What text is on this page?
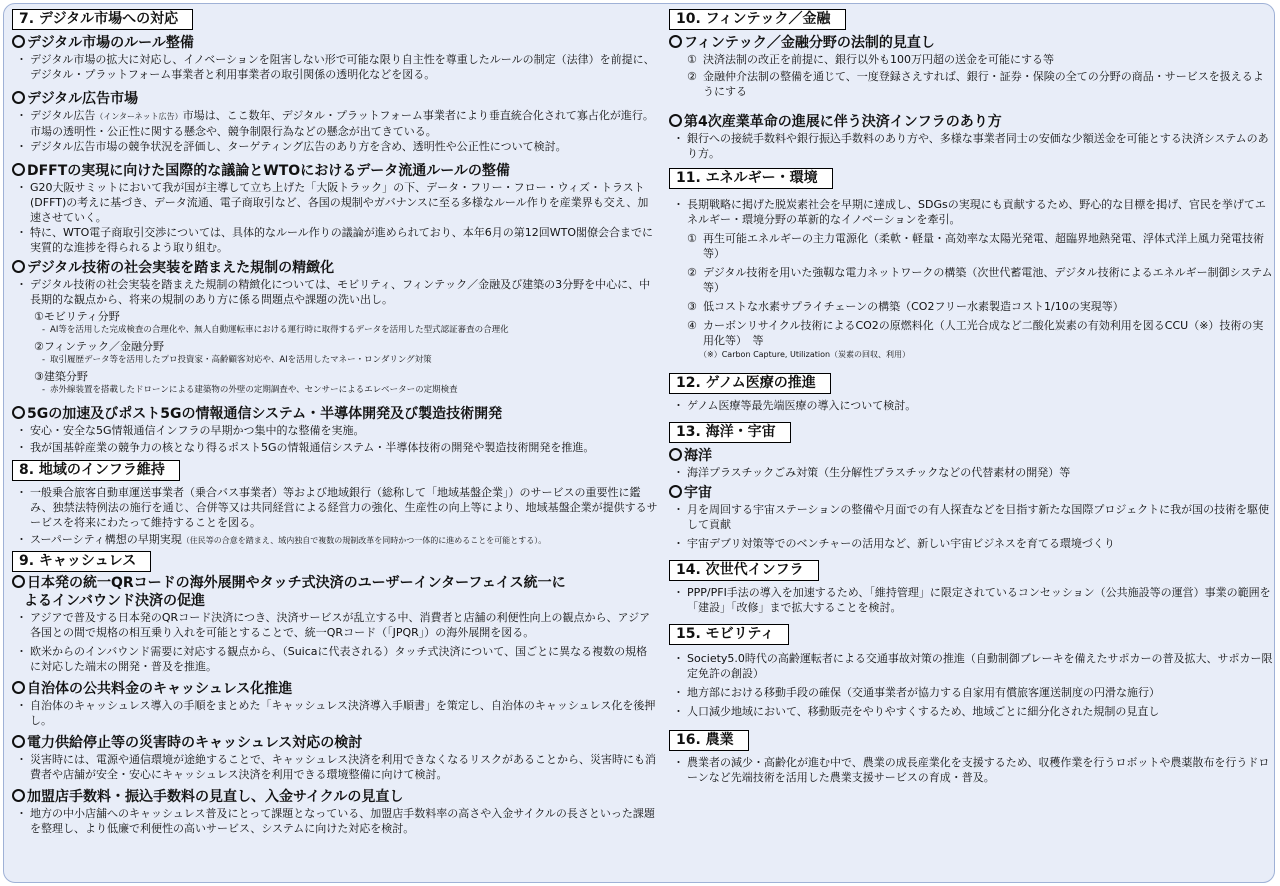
7. デジタル市場への対応
デジタル市場のルール整備
・ デジタル市場の拡大に対応し、イノベーションを阻害しない形で可能な限り自主性を尊重したルールの制定（法律）を前提に、デジタル・プラットフォーム事業者と利用事業者の取引関係の透明化などを図る。
デジタル広告市場
・ デジタル広告（インターネット広告）市場は、ここ数年、デジタル・プラットフォーム事業者により垂直統合化されて寡占化が進行。市場の透明性・公正性に関する懸念や、競争制限行為などの懸念が出てきている。
・ デジタル広告市場の競争状況を評価し、ターゲティング広告のあり方を含め、透明性や公正性について検討。
DFFTの実現に向けた国際的な議論とWTOにおけるデータ流通ルールの整備
・ G20大阪サミットにおいて我が国が主導して立ち上げた「大阪トラック」の下、データ・フリー・フロー・ウィズ・トラスト(DFFT)の考えに基づき、データ流通、電子商取引など、各国の規制やガバナンスに至る多様なルール作りを産業界も交え、加速させていく。
・ 特に、WTO電子商取引交渉については、具体的なルール作りの議論が進められており、本年6月の第12回WTO閣僚会合までに実質的な進捗を得られるよう取り組む。
デジタル技術の社会実装を踏まえた規制の精緻化
・ デジタル技術の社会実装を踏まえた規制の精緻化については、モビリティ、フィンテック／金融及び建築の3分野を中心に、中長期的な観点から、将来の規制のあり方に係る問題点や課題の洗い出し。
①モビリティ分野
- AI等を活用した完成検査の合理化や、無人自動運転車における運行時に取得するデータを活用した型式認証審査の合理化
②フィンテック／金融分野
- 取引履歴データ等を活用したプロ投資家・高齢顧客対応や、AIを活用したマネー・ロンダリング対策
③建築分野
- 赤外線装置を搭載したドローンによる建築物の外壁の定期調査や、センサーによるエレベーターの定期検査
5Gの加速及びポスト5Gの情報通信システム・半導体開発及び製造技術開発
・ 安心・安全な5G情報通信インフラの早期かつ集中的な整備を実施。
・ 我が国基幹産業の競争力の核となり得るポスト5Gの情報通信システム・半導体技術の開発や製造技術開発を推進。
8. 地域のインフラ維持
・ 一般乗合旅客自動車運送事業者（乗合バス事業者）等および地域銀行（総称して「地域基盤企業」）のサービスの重要性に鑑み、独禁法特例法の施行を通じ、合併等又は共同経営による経営力の強化、生産性の向上等により、地域基盤企業が提供するサービスを将来にわたって維持することを図る。
・ スーパーシティ構想の早期実現（住民等の合意を踏まえ、域内独自で複数の規制改革を同時かつ一体的に進めることを可能とする）。
9. キャッシュレス
日本発の統一QRコードの海外展開やタッチ式決済のユーザーインターフェイス統一に
よるインバウンド決済の促進
・ アジアで普及する日本発のQRコード決済につき、決済サービスが乱立する中、消費者と店舗の利便性向上の観点から、アジア各国との間で規格の相互乗り入れを可能とすることで、統一QRコード（「JPQR」）の海外展開を図る。
・ 欧米からのインバウンド需要に対応する観点から、（Suicaに代表される）タッチ式決済について、国ごとに異なる複数の規格に対応した端末の開発・普及を推進。
自治体の公共料金のキャッシュレス化推進
・ 自治体のキャッシュレス導入の手順をまとめた「キャッシュレス決済導入手順書」を策定し、自治体のキャッシュレス化を後押し。
電力供給停止等の災害時のキャッシュレス対応の検討
・ 災害時には、電源や通信環境が途絶することで、キャッシュレス決済を利用できなくなるリスクがあることから、災害時にも消費者や店舗が安全・安心にキャッシュレス決済を利用できる環境整備に向けて検討。
加盟店手数料・振込手数料の見直し、入金サイクルの見直し
・ 地方の中小店舗へのキャッシュレス普及にとって課題となっている、加盟店手数料率の高さや入金サイクルの長さといった課題を整理し、より低廉で利便性の高いサービス、システムに向けた対応を検討。
10. フィンテック／金融
フィンテック／金融分野の法制的見直し
① 決済法制の改正を前提に、銀行以外も100万円超の送金を可能にする等
② 金融仲介法制の整備を通じて、一度登録さえすれば、銀行・証券・保険の全ての分野の商品・サービスを扱えるようにする
第4次産業革命の進展に伴う決済インフラのあり方
・ 銀行への接続手数料や銀行振込手数料のあり方や、多様な事業者同士の安価な少額送金を可能とする決済システムのあり方。
11. エネルギー・環境
・ 長期戦略に掲げた脱炭素社会を早期に達成し、SDGsの実現にも貢献するため、野心的な目標を掲げ、官民を挙げてエネルギー・環境分野の革新的なイノベーションを牽引。
① 再生可能エネルギーの主力電源化（柔軟・軽量・高効率な太陽光発電、超臨界地熱発電、浮体式洋上風力発電技術等）
② デジタル技術を用いた強靱な電力ネットワークの構築（次世代蓄電池、デジタル技術によるエネルギー制御システム等）
③ 低コストな水素サプライチェーンの構築（CO2フリー水素製造コスト1/10の実現等）
④ カーボンリサイクル技術によるCO2の原燃料化（人工光合成など二酸化炭素の有効利用を図るCCU（※）技術の実用化等）　等
（※）Carbon Capture, Utilization（炭素の回収、利用）
12. ゲノム医療の推進
・ ゲノム医療等最先端医療の導入について検討。
13. 海洋・宇宙
海洋
・ 海洋プラスチックごみ対策（生分解性プラスチックなどの代替素材の開発）等
宇宙
・ 月を周回する宇宙ステーションの整備や月面での有人探査などを目指す新たな国際プロジェクトに我が国の技術を駆使して貢献
・ 宇宙デブリ対策等でのベンチャーの活用など、新しい宇宙ビジネスを育てる環境づくり
14. 次世代インフラ
・ PPP/PFI手法の導入を加速するため、「維持管理」に限定されているコンセッション（公共施設等の運営）事業の範囲を「建設」「改修」まで拡大することを検討。
15. モビリティ
・ Society5.0時代の高齢運転者による交通事故対策の推進（自動制御ブレーキを備えたサポカーの普及拡大、サポカー限定免許の創設）
・ 地方部における移動手段の確保（交通事業者が協力する自家用有償旅客運送制度の円滑な施行）
・ 人口減少地域において、移動販売をやりやすくするため、地域ごとに細分化された規制の見直し
16. 農業
・ 農業者の減少・高齢化が進む中で、農業の成長産業化を支援するため、収穫作業を行うロボットや農薬散布を行うドローンなど先端技術を活用した農業支援サービスの育成・普及。
